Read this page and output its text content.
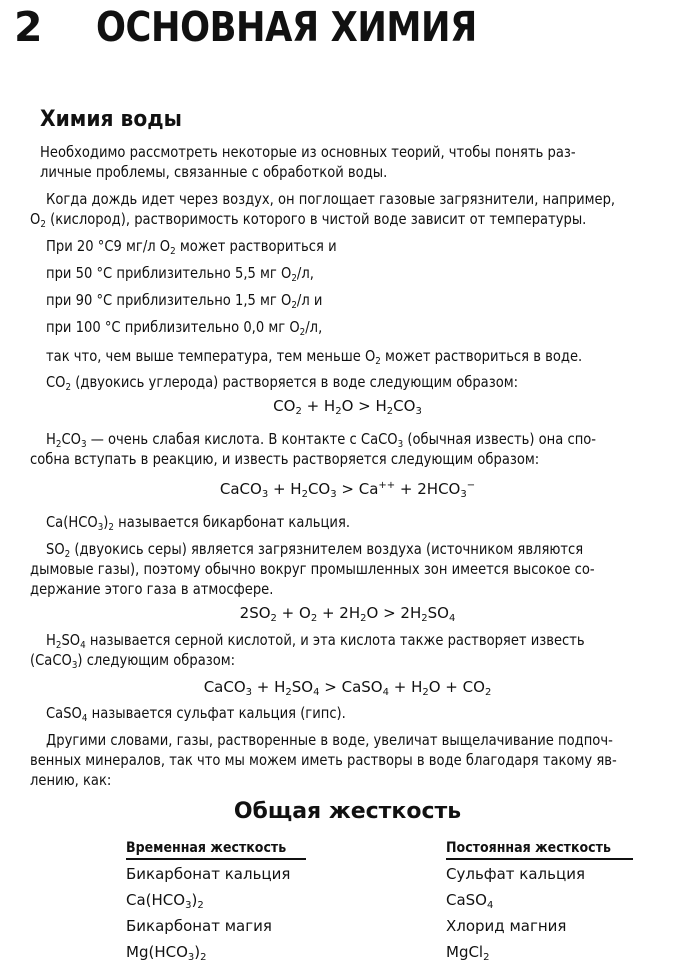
2 ОСНОВНАЯ ХИМИЯ
Химия воды
Необходимо рассмотреть некоторые из основных теорий, чтобы понять раз-
личные проблемы, связанные с обработкой воды.
Когда дождь идет через воздух, он поглощает газовые загрязнители, например,
$O_2$ (кислород), растворимость которого в чистой воде зависит от температуры.
При 20 °С9 мг/л $O_2$ может раствориться и
при 50 °С приблизительно 5,5 мг $O_2/л$,
при 90 °С приблизительно 1,5 мг $O_2/л$ и
при 100 °С приблизительно 0,0 мг $O_2/л$,
так что, чем выше температура, тем меньше $O_2$ может раствориться в воде.
$CO_2$ (двуокись углерода) растворяется в воде следующим образом:
$CO_2 + H_2O > H_2CO_3$
$H_2CO_3$ — очень слабая кислота. В контакте с CaCO$_3$ (обычная известь) она спо-
собна вступать в реакцию, и известь растворяется следующим образом:
CaCO$_3$ + $H_2CO_3 > Ca^{++} + 2HCO_3^-$
$Ca(HCO_3)_2$ называется бикарбонат кальция.
$SO_2$ (двуокись серы) является загрязнителем воздуха (источником являются
дымовые газы), поэтому обычно вокруг промышленных зон имеется высокое со-
держание этого газа в атмосфере.
$2SO_2 + O_2 + 2H_2O > 2H_2SO_4$
$H_2SO_4$ называется серной кислотой, и эта кислота также растворяет известь
(CaCO$_3$) следующим образом:
CaCO$_3$ + $H_2SO_4$ > CaSO$_4$ + $H_2O + CO_2$
CaSO$_4$ называется сульфат кальция (гипс).
Другими словами, газы, растворенные в воде, увеличат выщелачивание подпоч-
венных минералов, так что мы можем иметь растворы в воде благодаря такому яв-
лению, как:
Общая жесткость
Временная жесткость	Постоянная жесткость
Бикарбонат кальция	Сульфат кальция
$Ca(HCO_3)_2$	CaSO$_4$
Бикарбонат магия	Хлорид магния
$Mg(HCO_3)_2$	MgCl$_2$
